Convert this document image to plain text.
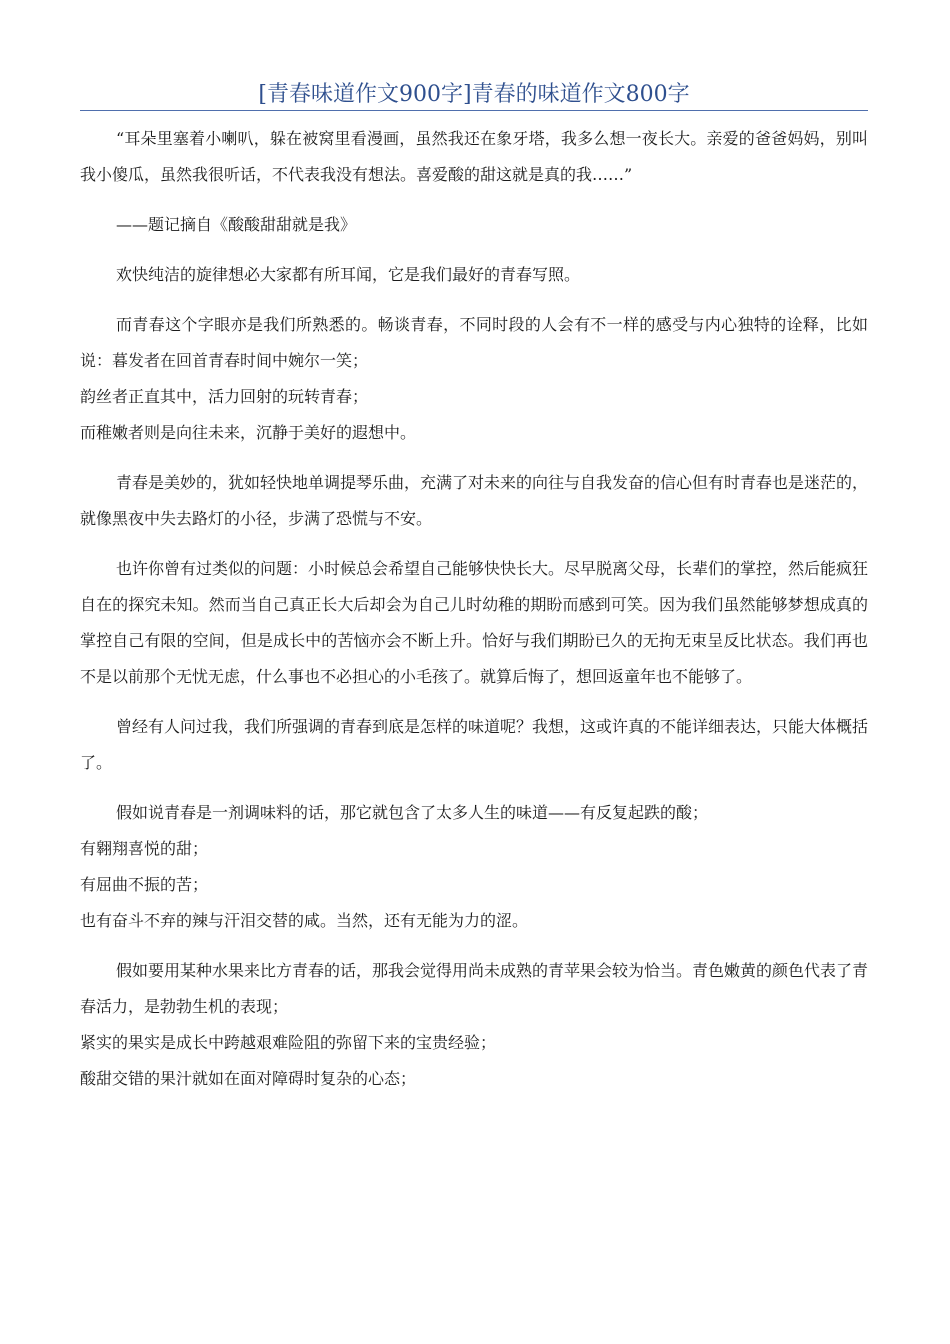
[青春味道作文900字]青春的味道作文800字

“耳朵里塞着小喇叭，躲在被窝里看漫画，虽然我还在象牙塔，我多么想一夜长大。亲爱的爸爸妈妈，别叫我小傻瓜，虽然我很听话，不代表我没有想法。喜爱酸的甜这就是真的我……”

——题记摘自《酸酸甜甜就是我》

欢快纯洁的旋律想必大家都有所耳闻，它是我们最好的青春写照。

而青春这个字眼亦是我们所熟悉的。畅谈青春，不同时段的人会有不一样的感受与内心独特的诠释，比如说：暮发者在回首青春时间中婉尔一笑；

韵丝者正直其中，活力回射的玩转青春；

而稚嫩者则是向往未来，沉静于美好的遐想中。

青春是美妙的，犹如轻快地单调提琴乐曲，充满了对未来的向往与自我发奋的信心但有时青春也是迷茫的，就像黑夜中失去路灯的小径，步满了恐慌与不安。

也许你曾有过类似的问题：小时候总会希望自己能够快快长大。尽早脱离父母，长辈们的掌控，然后能疯狂自在的探究未知。然而当自己真正长大后却会为自己儿时幼稚的期盼而感到可笑。因为我们虽然能够梦想成真的掌控自己有限的空间，但是成长中的苦恼亦会不断上升。恰好与我们期盼已久的无拘无束呈反比状态。我们再也不是以前那个无忧无虑，什么事也不必担心的小毛孩了。就算后悔了，想回返童年也不能够了。

曾经有人问过我，我们所强调的青春到底是怎样的味道呢？我想，这或许真的不能详细表达，只能大体概括了。

假如说青春是一剂调味料的话，那它就包含了太多人生的味道——有反复起跌的酸；

有翱翔喜悦的甜；

有屈曲不振的苦；

也有奋斗不弃的辣与汗泪交替的咸。当然，还有无能为力的涩。

假如要用某种水果来比方青春的话，那我会觉得用尚未成熟的青苹果会较为恰当。青色嫩黄的颜色代表了青春活力，是勃勃生机的表现；

紧实的果实是成长中跨越艰难险阻的弥留下来的宝贵经验；

酸甜交错的果汁就如在面对障碍时复杂的心态；
